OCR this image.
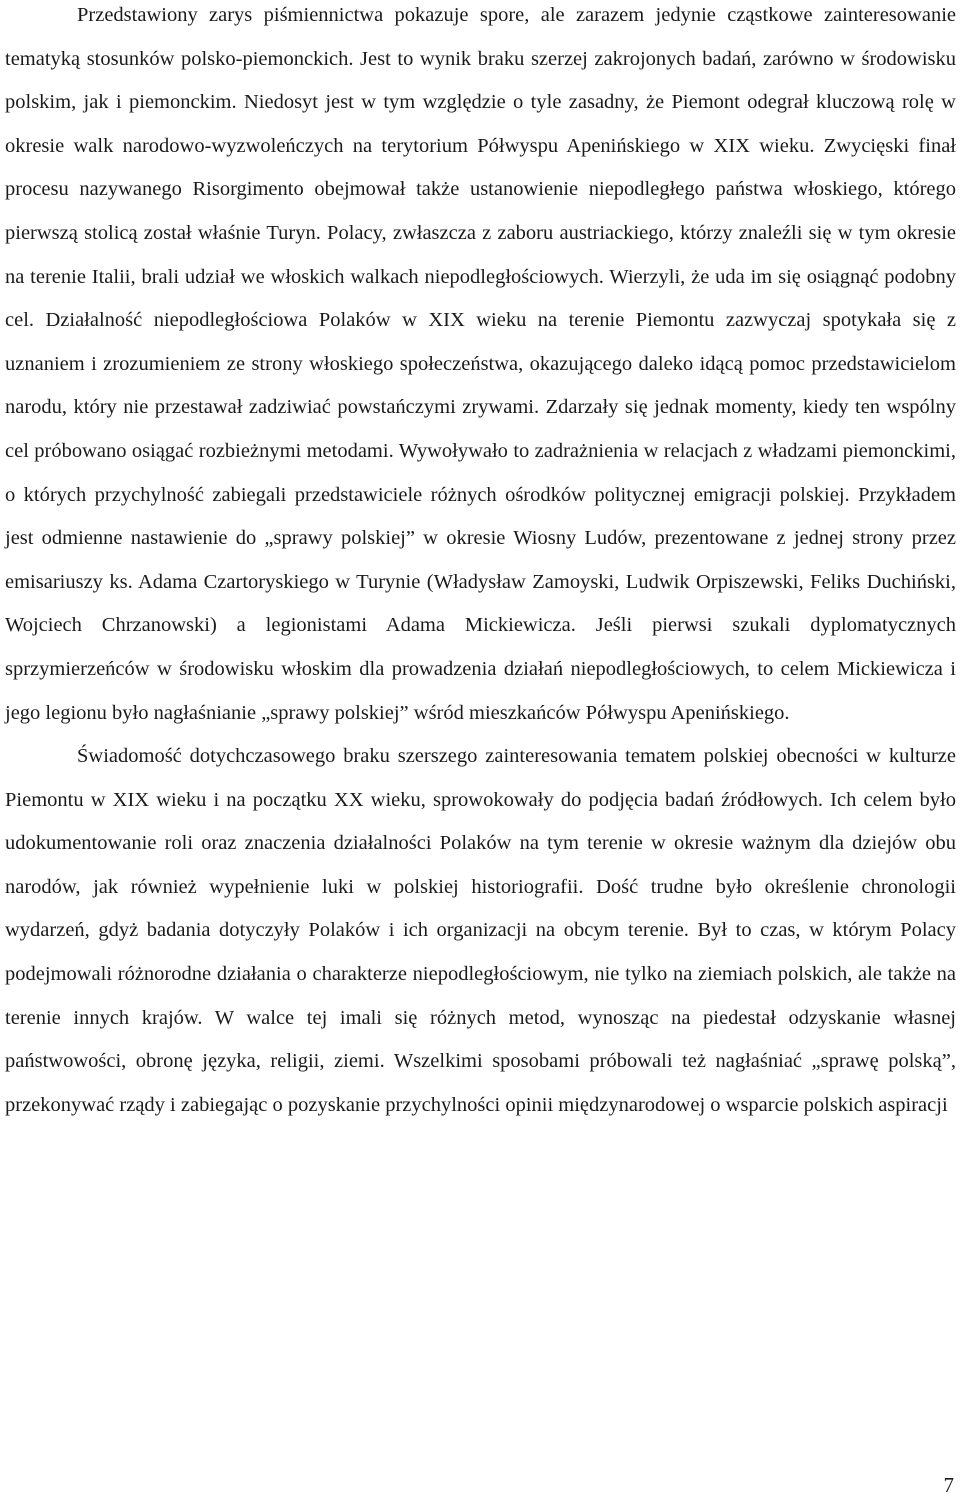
Przedstawiony zarys piśmiennictwa pokazuje spore, ale zarazem jedynie cząstkowe zainteresowanie tematyką stosunków polsko-piemonckich. Jest to wynik braku szerzej zakrojonych badań, zarówno w środowisku polskim, jak i piemonckim. Niedosyt jest w tym względzie o tyle zasadny, że Piemont odegrał kluczową rolę w okresie walk narodowo-wyzwoleńczych na terytorium Półwyspu Apenińskiego w XIX wieku. Zwycięski finał procesu nazywanego Risorgimento obejmował także ustanowienie niepodległego państwa włoskiego, którego pierwszą stolicą został właśnie Turyn. Polacy, zwłaszcza z zaboru austriackiego, którzy znaleźli się w tym okresie na terenie Italii, brali udział we włoskich walkach niepodległościowych. Wierzyli, że uda im się osiągnąć podobny cel. Działalność niepodległościowa Polaków w XIX wieku na terenie Piemontu zazwyczaj spotykała się z uznaniem i zrozumieniem ze strony włoskiego społeczeństwa, okazującego daleko idącą pomoc przedstawicielom narodu, który nie przestawał zadziwiać powstańczymi zrywami. Zdarzały się jednak momenty, kiedy ten wspólny cel próbowano osiągać rozbieżnymi metodami. Wywoływało to zadrażnienia w relacjach z władzami piemonckimi, o których przychylność zabiegali przedstawiciele różnych ośrodków politycznej emigracji polskiej. Przykładem jest odmienne nastawienie do „sprawy polskiej” w okresie Wiosny Ludów, prezentowane z jednej strony przez emisariuszy ks. Adama Czartoryskiego w Turynie (Władysław Zamoyski, Ludwik Orpiszewski, Feliks Duchiński, Wojciech Chrzanowski) a legionistami Adama Mickiewicza. Jeśli pierwsi szukali dyplomatycznych sprzymierzeńców w środowisku włoskim dla prowadzenia działań niepodległościowych, to celem Mickiewicza i jego legionu było nagłaśnianie „sprawy polskiej” wśród mieszkańców Półwyspu Apenińskiego.

Świadomość dotychczasowego braku szerszego zainteresowania tematem polskiej obecności w kulturze Piemontu w XIX wieku i na początku XX wieku, sprowokowały do podjęcia badań źródłowych. Ich celem było udokumentowanie roli oraz znaczenia działalności Polaków na tym terenie w okresie ważnym dla dziejów obu narodów, jak również wypełnienie luki w polskiej historiografii. Dość trudne było określenie chronologii wydarzeń, gdyż badania dotyczyły Polaków i ich organizacji na obcym terenie. Był to czas, w którym Polacy podejmowali różnorodne działania o charakterze niepodległościowym, nie tylko na ziemiach polskich, ale także na terenie innych krajów. W walce tej imali się różnych metod, wynosząc na piedestał odzyskanie własnej państwowości, obronę języka, religii, ziemi. Wszelkimi sposobami próbowali też nagłaśniać „sprawę polską”, przekonywać rządy i zabiegając o pozyskanie przychylności opinii międzynarodowej o wsparcie polskich aspiracji

7
